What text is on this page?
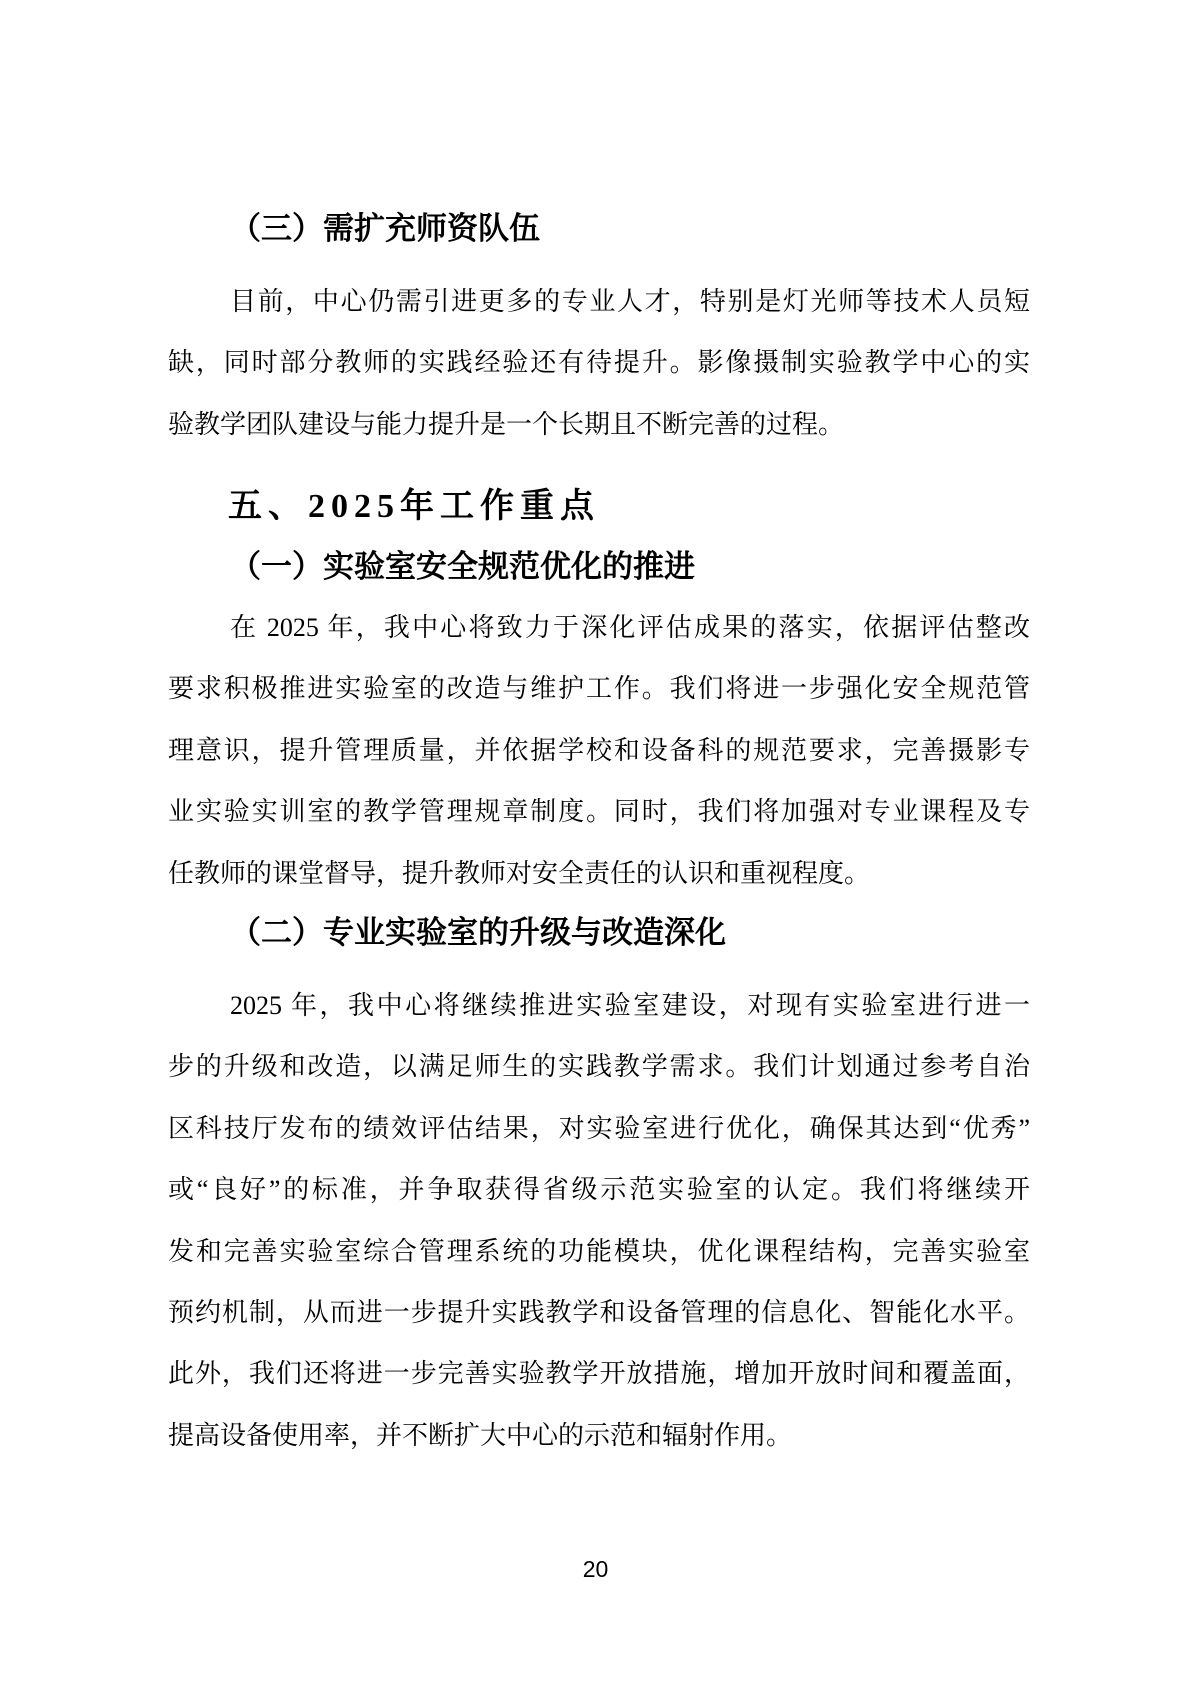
（三）需扩充师资队伍
目前，中心仍需引进更多的专业人才，特别是灯光师等技术人员短
缺，同时部分教师的实践经验还有待提升。影像摄制实验教学中心的实
验教学团队建设与能力提升是一个长期且不断完善的过程。
五、2025年工作重点
（一）实验室安全规范优化的推进
在 2025 年，我中心将致力于深化评估成果的落实，依据评估整改
要求积极推进实验室的改造与维护工作。我们将进一步强化安全规范管
理意识，提升管理质量，并依据学校和设备科的规范要求，完善摄影专
业实验实训室的教学管理规章制度。同时，我们将加强对专业课程及专
任教师的课堂督导，提升教师对安全责任的认识和重视程度。
（二）专业实验室的升级与改造深化
2025 年，我中心将继续推进实验室建设，对现有实验室进行进一
步的升级和改造，以满足师生的实践教学需求。我们计划通过参考自治
区科技厅发布的绩效评估结果，对实验室进行优化，确保其达到“优秀”
或“良好”的标准，并争取获得省级示范实验室的认定。我们将继续开
发和完善实验室综合管理系统的功能模块，优化课程结构，完善实验室
预约机制，从而进一步提升实践教学和设备管理的信息化、智能化水平。
此外，我们还将进一步完善实验教学开放措施，增加开放时间和覆盖面，
提高设备使用率，并不断扩大中心的示范和辐射作用。
20
